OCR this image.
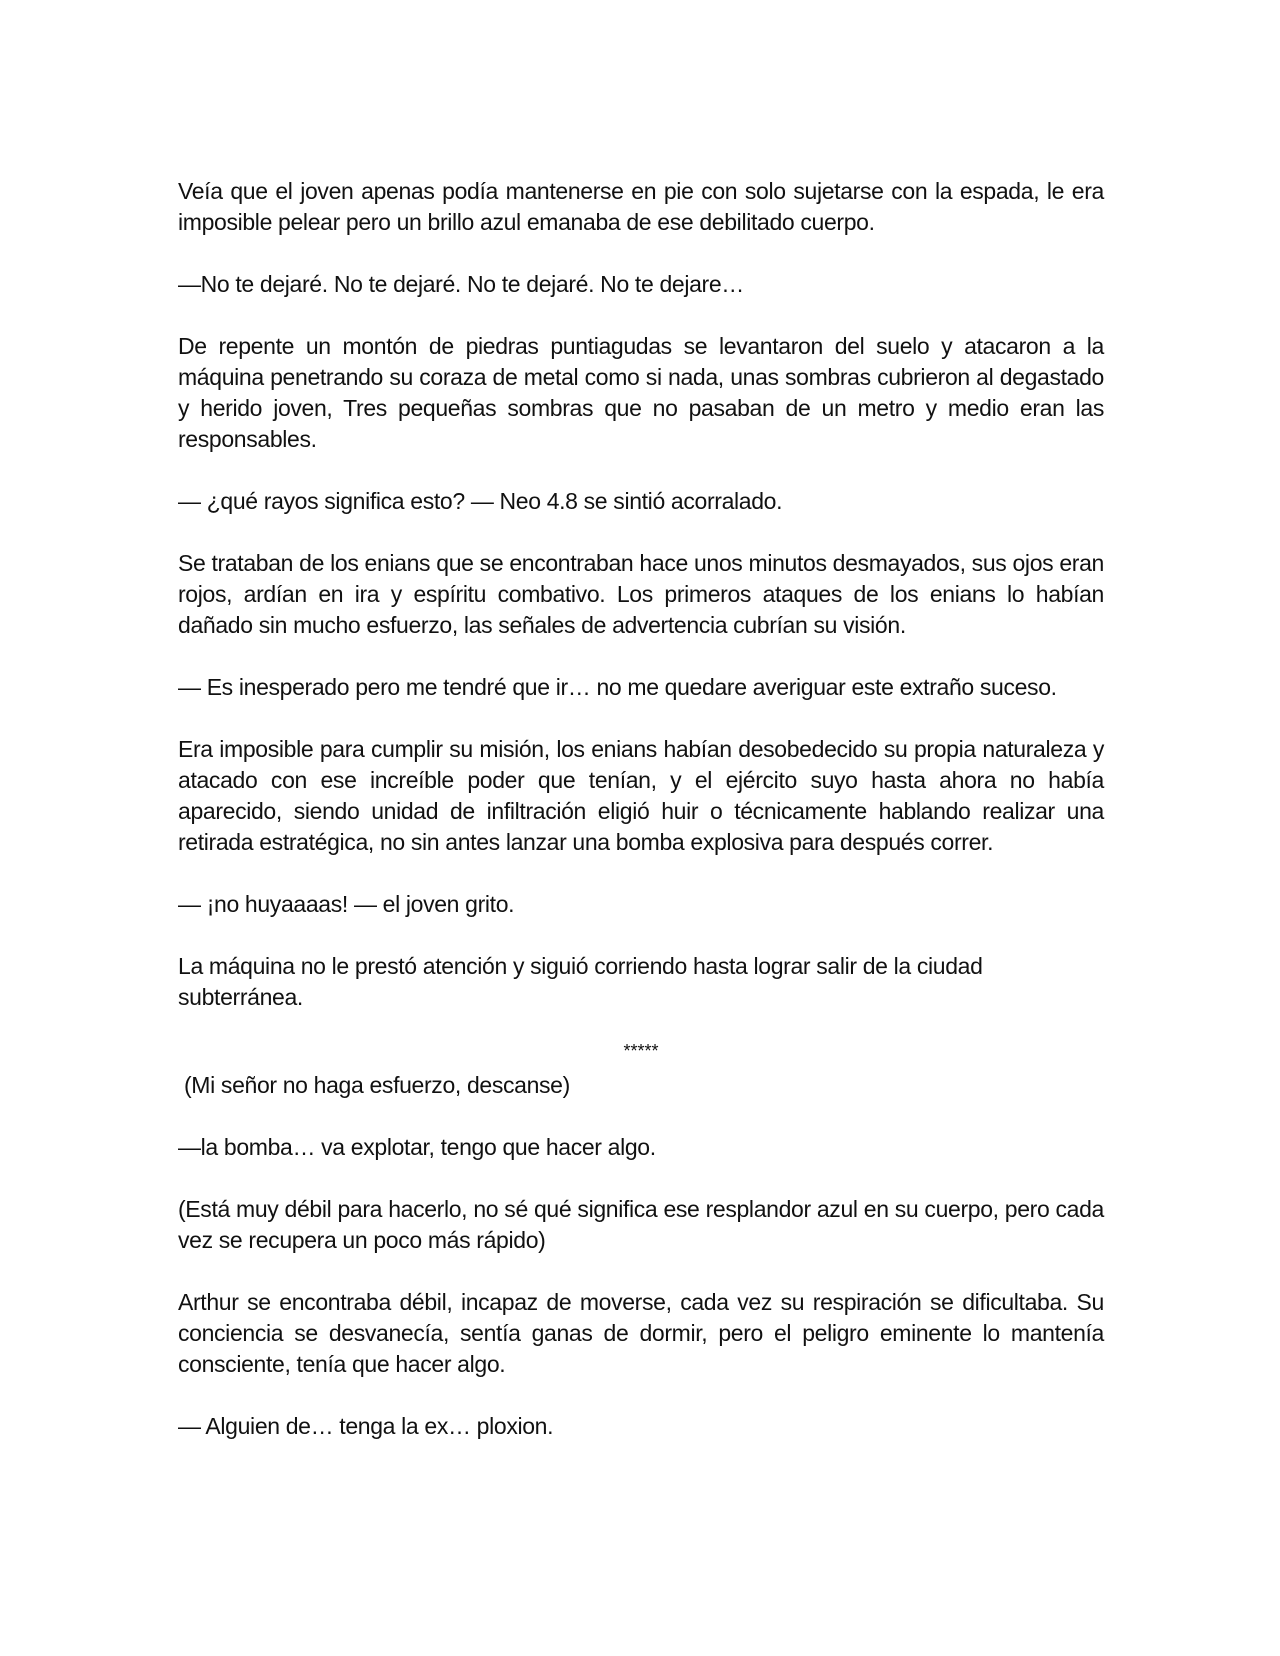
Veía que el joven apenas podía mantenerse en pie con solo sujetarse con la espada, le era imposible pelear pero un brillo azul emanaba de ese debilitado cuerpo.

—No te dejaré. No te dejaré. No te dejaré. No te dejare…

De repente un montón de piedras puntiagudas se levantaron del suelo y atacaron a la máquina penetrando su coraza de metal como si nada, unas sombras cubrieron al degastado y herido joven, Tres pequeñas sombras que no pasaban de un metro y medio eran las responsables.

— ¿qué rayos significa esto? — Neo 4.8 se sintió acorralado.

Se trataban de los enians que se encontraban hace unos minutos desmayados, sus ojos eran rojos, ardían en ira y espíritu combativo. Los primeros ataques de los enians lo habían dañado sin mucho esfuerzo, las señales de advertencia cubrían su visión.

— Es inesperado pero me tendré que ir… no me quedare averiguar este extraño suceso.

Era imposible para cumplir su misión, los enians habían desobedecido su propia naturaleza y atacado con ese increíble poder que tenían, y el ejército suyo hasta ahora no había aparecido, siendo unidad de infiltración eligió huir o técnicamente hablando realizar una retirada estratégica, no sin antes lanzar una bomba explosiva para después correr.

— ¡no huyaaaas! — el joven grito.

La máquina no le prestó atención y siguió corriendo hasta lograr salir de la ciudad subterránea.

*****

(Mi señor no haga esfuerzo, descanse)

—la bomba… va explotar, tengo que hacer algo.

(Está muy débil para hacerlo, no sé qué significa ese resplandor azul en su cuerpo, pero cada vez se recupera un poco más rápido)

Arthur se encontraba débil, incapaz de moverse, cada vez su respiración se dificultaba. Su conciencia se desvanecía, sentía ganas de dormir, pero el peligro eminente lo mantenía consciente, tenía que hacer algo.

— Alguien de… tenga la ex… ploxion.
